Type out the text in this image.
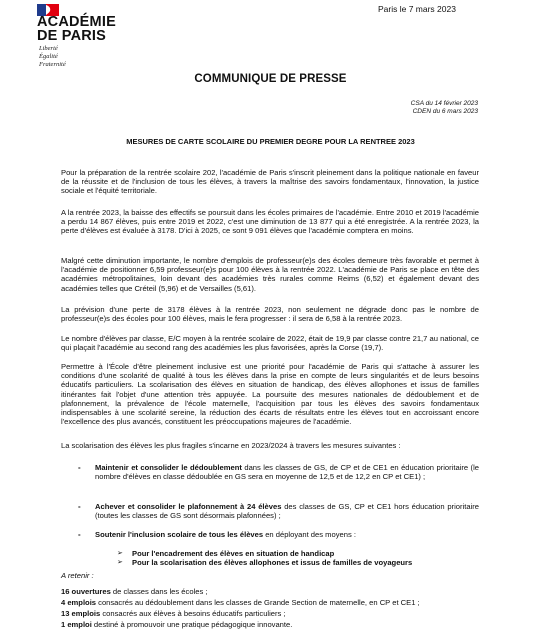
ACADÉMIE
DE PARIS
Liberté
Égalité
Fraternité
Paris le 7 mars 2023
COMMUNIQUE DE PRESSE
CSA du 14 février 2023
CDEN du 6 mars 2023
MESURES DE CARTE SCOLAIRE DU PREMIER DEGRE POUR LA RENTREE 2023

Pour la préparation de la rentrée scolaire 202, l'académie de Paris s'inscrit pleinement dans la politique nationale en faveur de la réussite et de l'inclusion de tous les élèves, à travers la maîtrise des savoirs fondamentaux, l'innovation, la justice sociale et l'équité territoriale.

A la rentrée 2023, la baisse des effectifs se poursuit dans les écoles primaires de l'académie. Entre 2010 et 2019 l'académie a perdu 14 867 élèves, puis entre 2019 et 2022, c'est une diminution de 13 877 qui a été enregistrée. A la rentrée 2023, la perte d'élèves est évaluée à 3178. D'ici à 2025, ce sont 9 091 élèves que l'académie comptera en moins.

Malgré cette diminution importante, le nombre d'emplois de professeur(e)s des écoles demeure très favorable et permet à l'académie de positionner 6,59 professeur(e)s pour 100 élèves à la rentrée 2022. L'académie de Paris se place en tête des académies métropolitaines, loin devant des académies très rurales comme Reims (6,52) et également devant des académies telles que Créteil (5,96) et de Versailles (5,61).

La prévision d'une perte de 3178 élèves à la rentrée 2023, non seulement ne dégrade donc pas le nombre de professeur(e)s des écoles pour 100 élèves, mais le fera progresser : il sera de 6,58 à la rentrée 2023.

Le nombre d'élèves par classe, E/C moyen à la rentrée scolaire de 2022, était de 19,9 par classe contre 21,7 au national, ce qui plaçait l'académie au second rang des académies les plus favorisées, après la Corse (19,7).

Permettre à l'École d'être pleinement inclusive est une priorité pour l'académie de Paris qui s'attache à assurer les conditions d'une scolarité de qualité à tous les élèves dans la prise en compte de leurs singularités et de leurs besoins éducatifs particuliers. La scolarisation des élèves en situation de handicap, des élèves allophones et issus de familles itinérantes fait l'objet d'une attention très appuyée. La poursuite des mesures nationales de dédoublement et de plafonnement, la prévalence de l'école maternelle, l'acquisition par tous les élèves des savoirs fondamentaux indispensables à une scolarité sereine, la réduction des écarts de résultats entre les élèves tout en accroissant encore l'excellence des plus avancés, constituent les préoccupations majeures de l'académie.

La scolarisation des élèves les plus fragiles s'incarne en 2023/2024 à travers les mesures suivantes :

- Maintenir et consolider le dédoublement dans les classes de GS, de CP et de CE1 en éducation prioritaire (le nombre d'élèves en classe dédoublée en GS sera en moyenne de 12,5 et de 12,2 en CP et CE1) ;
- Achever et consolider le plafonnement à 24 élèves des classes de GS, CP et CE1 hors éducation prioritaire (toutes les classes de GS sont désormais plafonnées) ;
- Soutenir l'inclusion scolaire de tous les élèves en déployant des moyens :
➢ Pour l'encadrement des élèves en situation de handicap
➢ Pour la scolarisation des élèves allophones et issus de familles de voyageurs
A retenir :
16 ouvertures de classes dans les écoles ;
4 emplois consacrés au dédoublement dans les classes de Grande Section de maternelle, en CP et CE1 ;
13 emplois consacrés aux élèves à besoins éducatifs particuliers ;
1 emploi destiné à promouvoir une pratique pédagogique innovante.
